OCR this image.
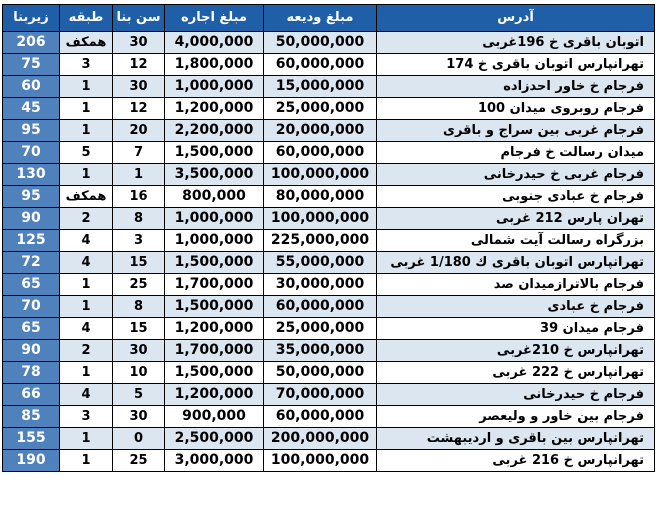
زیربنا	طبقه	سن بنا	مبلغ اجاره	مبلغ ودیعه	آدرس
206	همکف	30	4,000,000	50,000,000	اتوبان باقری خ 196غربی
75	3	12	1,800,000	60,000,000	تهرانپارس اتوبان باقری خ 174
60	1	30	1,000,000	15,000,000	فرجام خ خاور احدزاده
45	1	12	1,200,000	25,000,000	فرجام روبروی میدان 100
95	1	20	2,200,000	20,000,000	فرجام غربی بین سراج و باقری
70	5	7	1,500,000	60,000,000	میدان رسالت خ فرجام
130	1	1	3,500,000	100,000,000	فرجام غربی خ حیدرخانی
95	همکف	16	800,000	80,000,000	فرجام خ عبادی جنوبی
90	2	8	1,000,000	100,000,000	تهران پارس 212 غربی
125	4	3	1,000,000	225,000,000	بزرگراه رسالت آیت شمالی
72	4	15	1,500,000	55,000,000	تهرانپارس اتوبان باقری ك 1/180 غربی
65	1	25	1,700,000	30,000,000	فرجام بالاترازمیدان صد
70	1	8	1,500,000	60,000,000	فرجام خ عبادی
65	4	15	1,200,000	25,000,000	فرجام میدان 39
90	2	30	1,700,000	35,000,000	تهرانپارس خ 210غربی
78	1	10	1,500,000	50,000,000	تهرانپارس خ 222 غربی
66	4	5	1,200,000	70,000,000	فرجام خ حیدرخانی
85	3	30	900,000	60,000,000	فرجام بین خاور و ولیعصر
155	1	0	2,500,000	200,000,000	تهرانپارس بین باقری و اردیبهشت
190	1	25	3,000,000	100,000,000	تهرانپارس خ 216 غربی
